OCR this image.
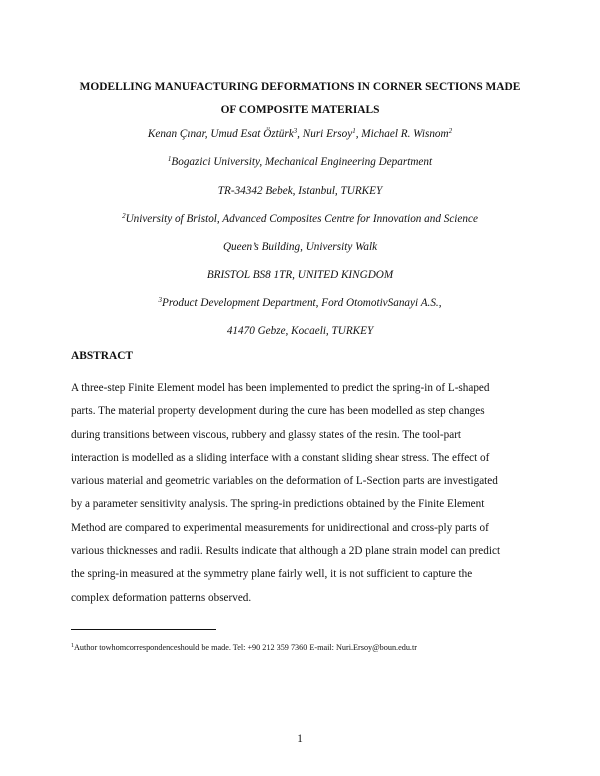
MODELLING MANUFACTURING DEFORMATIONS IN CORNER SECTIONS MADE
OF COMPOSITE MATERIALS
Kenan Çınar, Umud Esat Öztürk$^3$, Nuri Ersoy$^1$, Michael R. Wisnom$^2$
$^1$Bogazici University, Mechanical Engineering Department
TR-34342 Bebek, Istanbul, TURKEY
$^2$University of Bristol, Advanced Composites Centre for Innovation and Science
Queen’s Building, University Walk
BRISTOL BS8 1TR, UNITED KINGDOM
$^3$Product Development Department, Ford OtomotivSanayi A.S.,
41470 Gebze, Kocaeli, TURKEY
ABSTRACT
A three-step Finite Element model has been implemented to predict the spring-in of L-shaped
parts. The material property development during the cure has been modelled as step changes
during transitions between viscous, rubbery and glassy states of the resin. The tool-part
interaction is modelled as a sliding interface with a constant sliding shear stress. The effect of
various material and geometric variables on the deformation of L-Section parts are investigated
by a parameter sensitivity analysis. The spring-in predictions obtained by the Finite Element
Method are compared to experimental measurements for unidirectional and cross-ply parts of
various thicknesses and radii. Results indicate that although a 2D plane strain model can predict
the spring-in measured at the symmetry plane fairly well, it is not sufficient to capture the
complex deformation patterns observed.
$^1$Author towhomcorrespondenceshould be made. Tel: +90 212 359 7360 E-mail: Nuri.Ersoy@boun.edu.tr
1
